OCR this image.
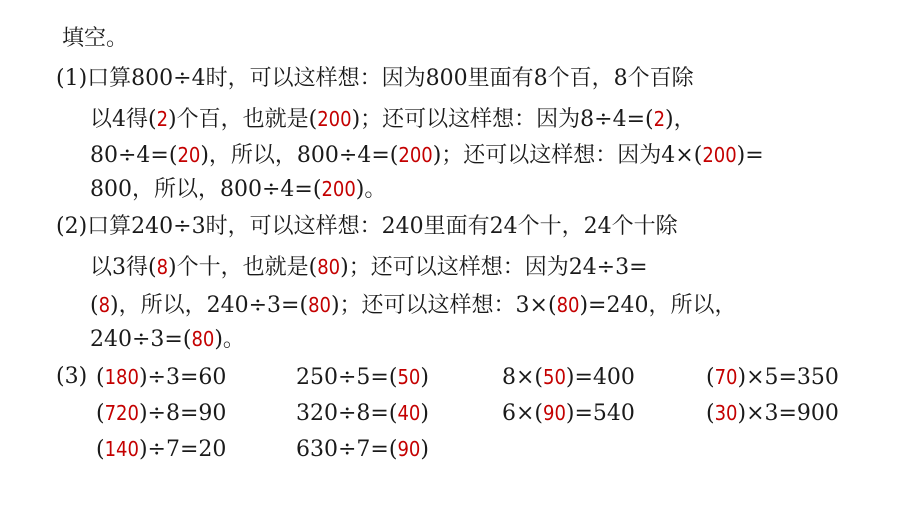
填空。
(1)口算800÷4时，可以这样想：因为800里面有8个百，8个百除
以4得(2)个百，也就是(200)；还可以这样想：因为8÷4=(2)，
80÷4=(20)，所以，800÷4=(200)；还可以这样想：因为4×(200)=
800，所以，800÷4=(200)。
(2)口算240÷3时，可以这样想：240里面有24个十，24个十除
以3得(8)个十，也就是(80)；还可以这样想：因为24÷3=
(8)，所以，240÷3=(80)；还可以这样想：3×(80)=240，所以，
240÷3=(80)。
(3) (180)÷3=60	250÷5=(50)	8×(50)=400	(70)×5=350
(720)÷8=90	320÷8=(40)	6×(90)=540	(30)×3=900
(140)÷7=20	630÷7=(90)
